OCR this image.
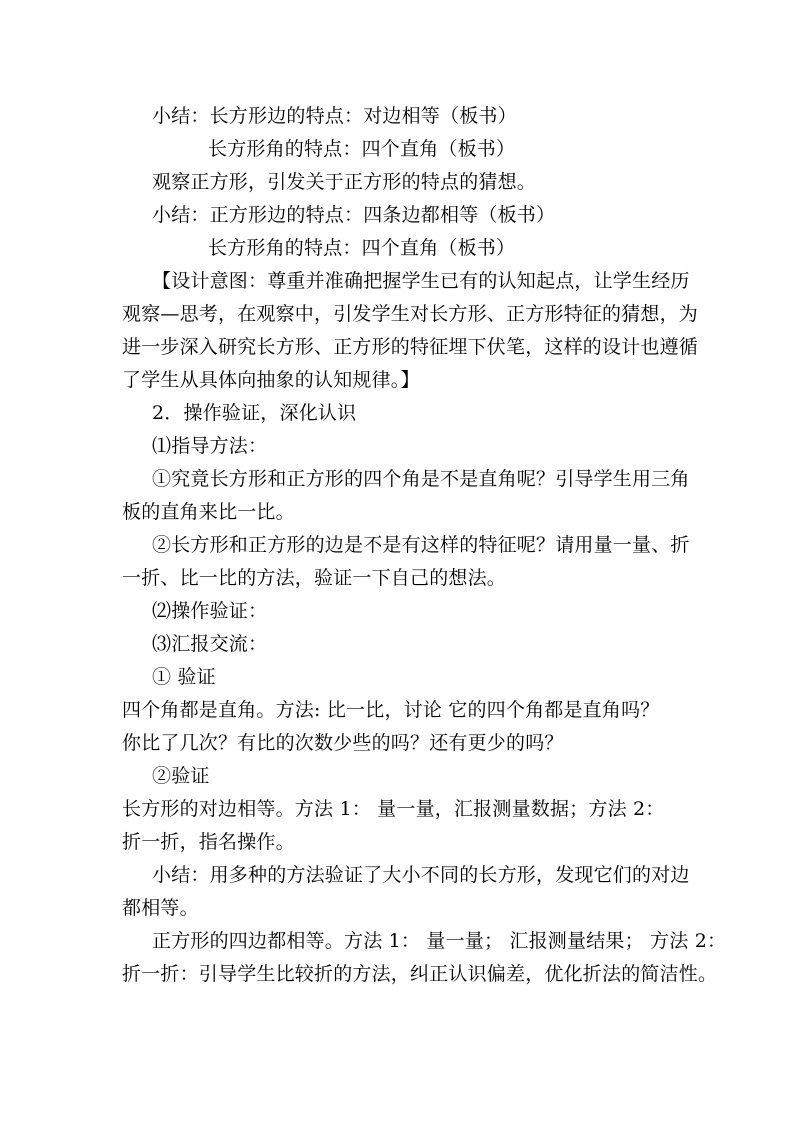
小结：长方形边的特点：对边相等（板书）
长方形角的特点：四个直角（板书）
观察正方形，引发关于正方形的特点的猜想。
小结：正方形边的特点：四条边都相等（板书）
长方形角的特点：四个直角（板书）
【设计意图：尊重并准确把握学生已有的认知起点，让学生经历
观察—思考，在观察中，引发学生对长方形、正方形特征的猜想，为
进一步深入研究长方形、正方形的特征埋下伏笔，这样的设计也遵循
了学生从具体向抽象的认知规律。】
2．操作验证，深化认识
⑴指导方法：
①究竟长方形和正方形的四个角是不是直角呢？引导学生用三角
板的直角来比一比。
②长方形和正方形的边是不是有这样的特征呢？请用量一量、折
一折、比一比的方法，验证一下自己的想法。
⑵操作验证：
⑶汇报交流：
① 验证
四个角都是直角。方法: 比一比，讨论 它的四个角都是直角吗？
你比了几次？有比的次数少些的吗？还有更少的吗？
②验证
长方形的对边相等。方法 1： 量一量，汇报测量数据；方法 2：
折一折，指名操作。
小结：用多种的方法验证了大小不同的长方形，发现它们的对边
都相等。
正方形的四边都相等。方法 1： 量一量； 汇报测量结果； 方法 2：
折一折：引导学生比较折的方法，纠正认识偏差，优化折法的简洁性。
